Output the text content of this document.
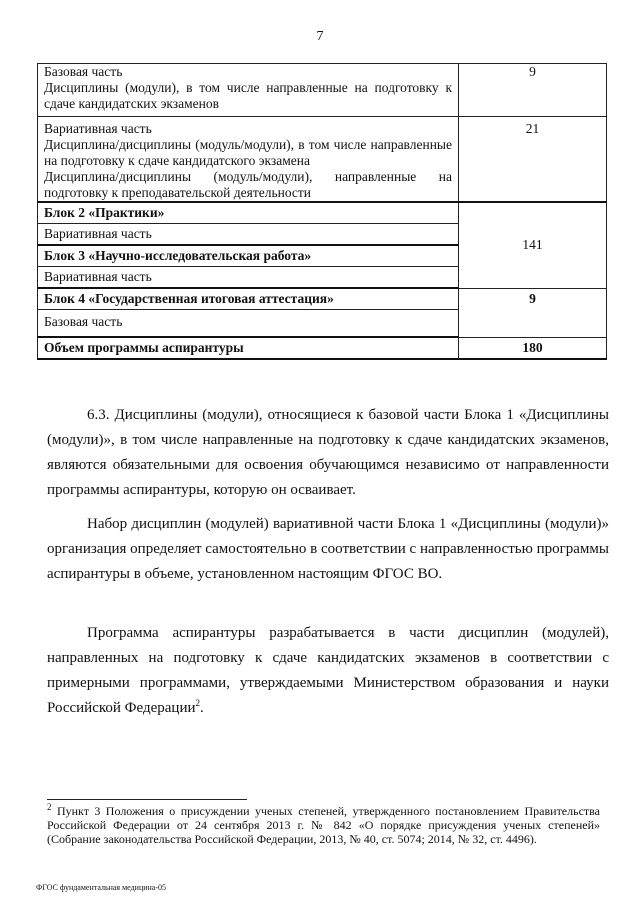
7
Базовая часть
Дисциплины (модули), в том числе направленные на подготовку к сдаче кандидатских экзаменов	9

Вариативная часть
Дисциплина/дисциплины (модуль/модули), в том числе направленные на подготовку к сдаче кандидатского экзамена
Дисциплина/дисциплины (модуль/модули), направленные на подготовку к преподавательской деятельности	21
Блок 2 «Практики»	141
Вариативная часть	
Блок 3 «Научно-исследовательская работа»	
Вариативная часть	
Блок 4 «Государственная итоговая аттестация»	9
Базовая часть	
Объем программы аспирантуры	180

6.3. Дисциплины (модули), относящиеся к базовой части Блока 1 «Дисциплины (модули)», в том числе направленные на подготовку к сдаче кандидатских экзаменов, являются обязательными для освоения обучающимся независимо от направленности программы аспирантуры, которую он осваивает.

Набор дисциплин (модулей) вариативной части Блока 1 «Дисциплины (модули)» организация определяет самостоятельно в соответствии с направленностью программы аспирантуры в объеме, установленном настоящим ФГОС ВО.

Программа аспирантуры разрабатывается в части дисциплин (модулей), направленных на подготовку к сдаче кандидатских экзаменов в соответствии с примерными программами, утверждаемыми Министерством образования и науки Российской Федерации$^2$.

$^2$ Пункт 3 Положения о присуждении ученых степеней, утвержденного постановлением Правительства Российской Федерации от 24 сентября 2013 г. № 842 «О порядке присуждения ученых степеней» (Собрание законодательства Российской Федерации, 2013, № 40, ст. 5074; 2014, № 32, ст. 4496).

ФГОС фундаментальная медицина-05
